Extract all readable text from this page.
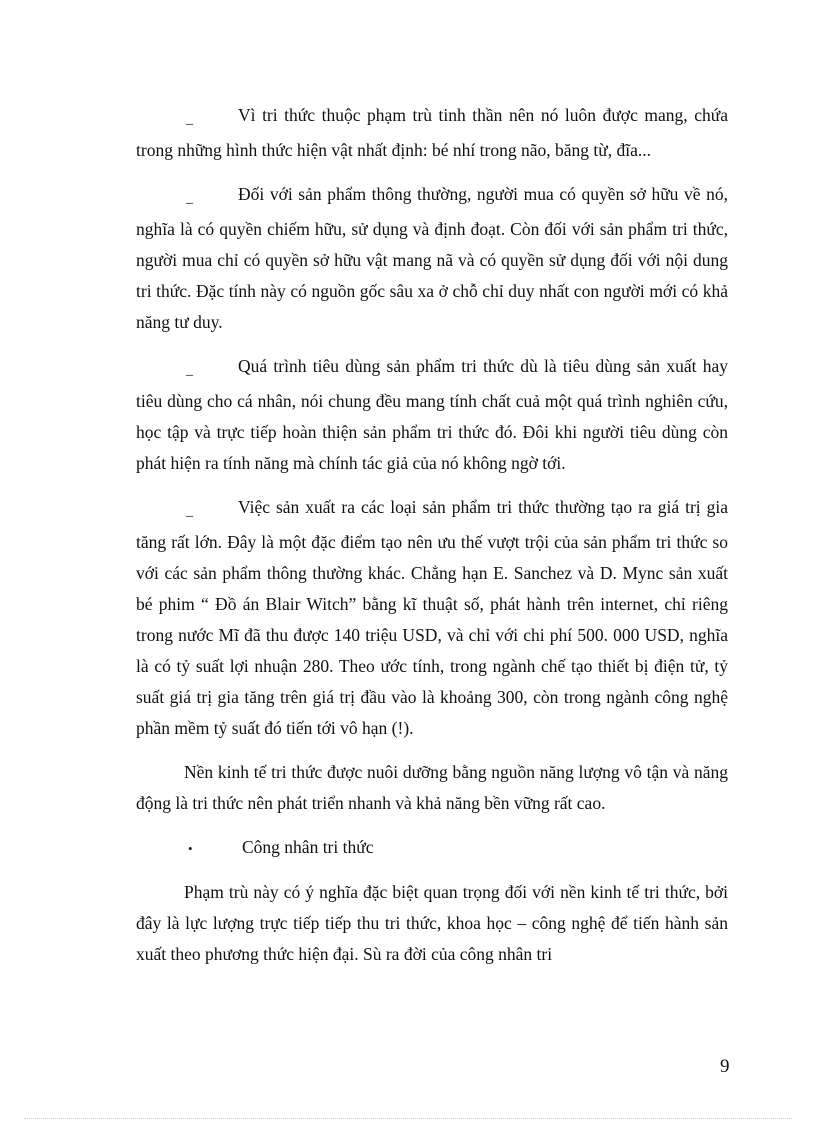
_	Vì tri thức thuộc phạm trù tinh thần nên nó luôn được mang, chứa trong những hình thức hiện vật nhất định: bé nhí trong não, băng từ, đĩa...

_	Đối với sản phẩm thông thường, người mua có quyền sở hữu về nó, nghĩa là có quyền chiếm hữu, sử dụng và định đoạt. Còn đối với sản phẩm tri thức, người mua chỉ có quyền sở hữu vật mang nã và có quyền sử dụng đối với nội dung tri thức. Đặc tính này có nguồn gốc sâu xa ở chỗ chỉ duy nhất con người mới có khả năng tư duy.

_	Quá trình tiêu dùng sản phẩm tri thức dù là tiêu dùng sản xuất hay tiêu dùng cho cá nhân, nói chung đều mang tính chất cuả một quá trình nghiên cứu, học tập và trực tiếp hoàn thiện sản phẩm tri thức đó. Đôi khi người tiêu dùng còn phát hiện ra tính năng mà chính tác giả của nó không ngờ tới.

_	Việc sản xuất ra các loại sản phẩm tri thức thường tạo ra giá trị gia tăng rất lớn. Đây là một đặc điểm tạo nên ưu thế vượt trội của sản phẩm tri thức so với các sản phẩm thông thường khác. Chẳng hạn E. Sanchez và D. Mync sản xuất bé phim “ Đồ án Blair Witch” bằng kĩ thuật số, phát hành trên internet, chỉ riêng trong nước Mĩ đã thu được 140 triệu USD, và chỉ với chi phí 500. 000 USD, nghĩa là có tỷ suất lợi nhuận 280. Theo ước tính, trong ngành chế tạo thiết bị điện tử, tỷ suất giá trị gia tăng trên giá trị đầu vào là khoảng 300, còn trong ngành công nghệ phần mềm tỷ suất đó tiến tới vô hạn (!).

Nền kinh tế tri thức được nuôi dưỡng bằng nguồn năng lượng vô tận và năng động là tri thức nên phát triển nhanh và khả năng bền vững rất cao.

•	Công nhân tri thức

Phạm trù này có ý nghĩa đặc biệt quan trọng đối với nền kinh tế tri thức, bởi đây là lực lượng trực tiếp tiếp thu tri thức, khoa học – công nghệ để tiến hành sản xuất theo phương thức hiện đại. Sù ra đời của công nhân tri

9
